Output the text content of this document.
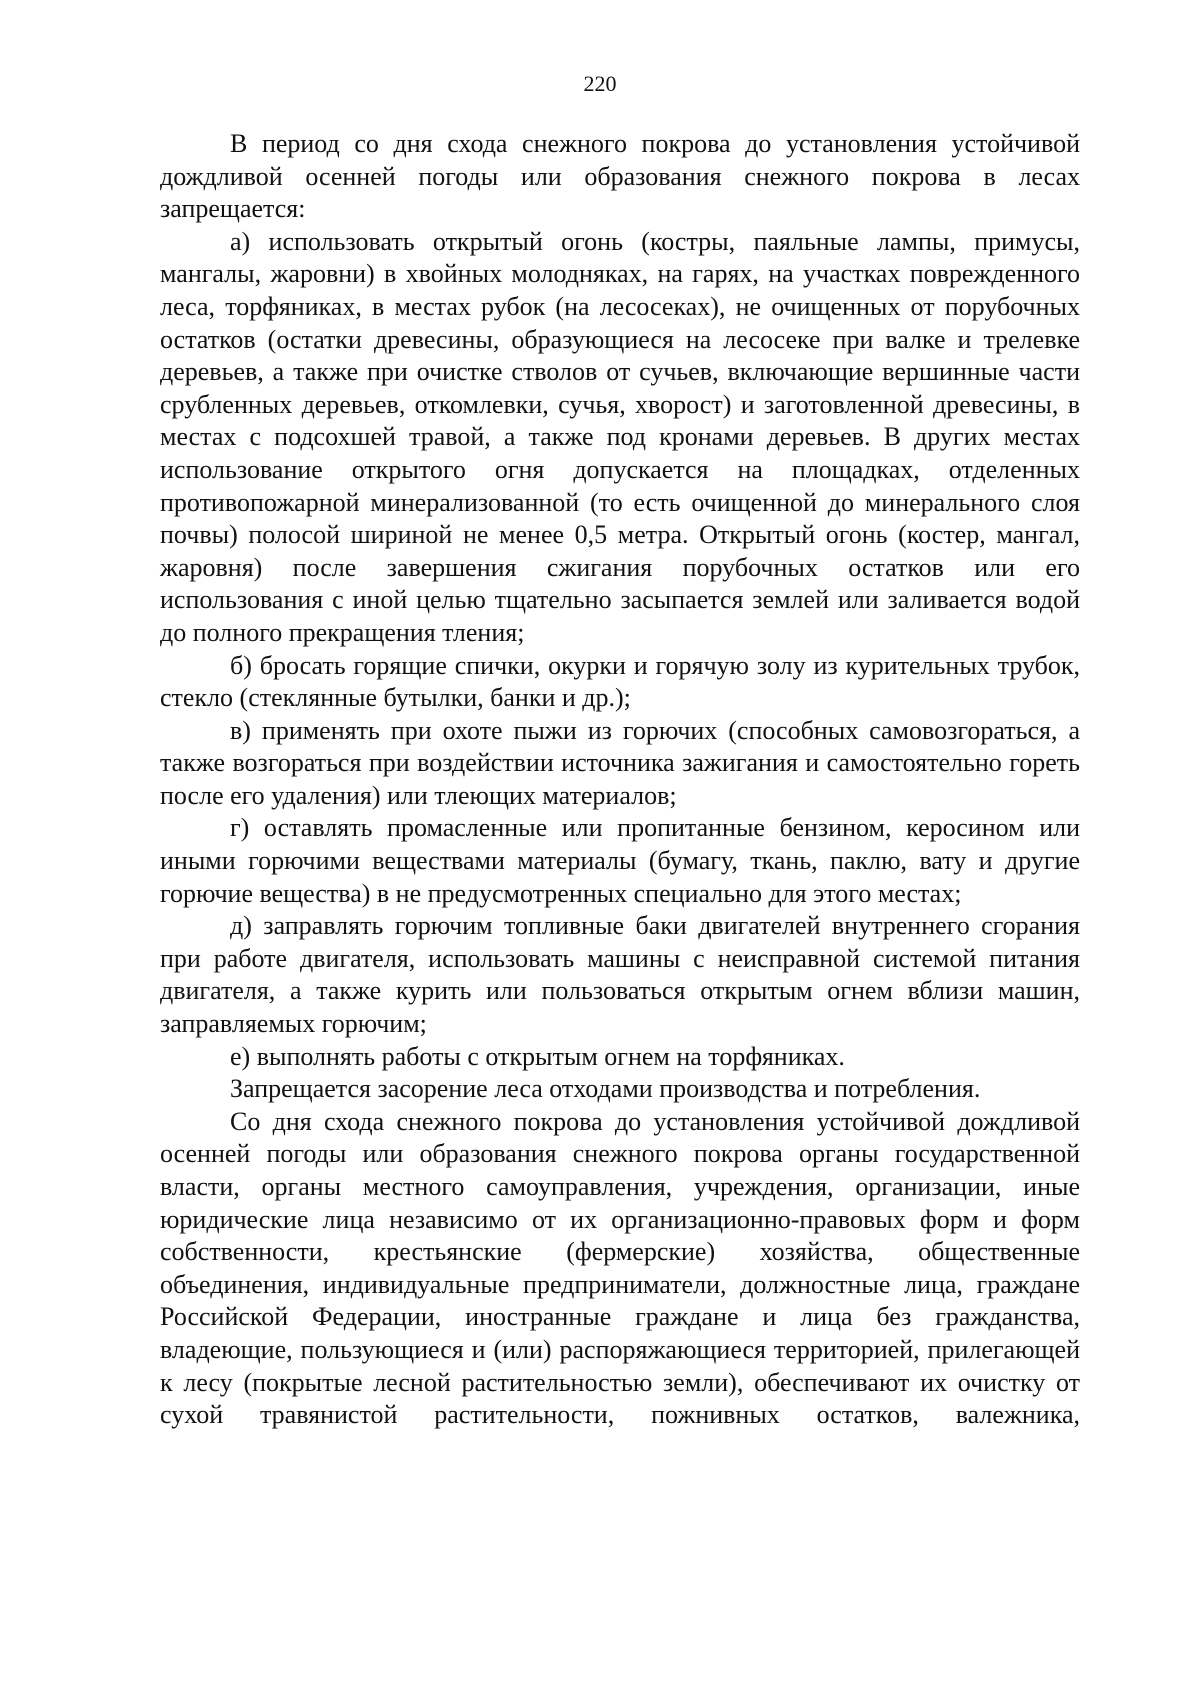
220

В период со дня схода снежного покрова до установления устойчивой дождливой осенней погоды или образования снежного покрова в лесах запрещается:

а) использовать открытый огонь (костры, паяльные лампы, примусы, мангалы, жаровни) в хвойных молодняках, на гарях, на участках поврежденного леса, торфяниках, в местах рубок (на лесосеках), не очищенных от порубочных остатков (остатки древесины, образующиеся на лесосеке при валке и трелевке деревьев, а также при очистке стволов от сучьев, включающие вершинные части срубленных деревьев, откомлевки, сучья, хворост) и заготовленной древесины, в местах с подсохшей травой, а также под кронами деревьев. В других местах использование открытого огня допускается на площадках, отделенных противопожарной минерализованной (то есть очищенной до минерального слоя почвы) полосой шириной не менее 0,5 метра. Открытый огонь (костер, мангал, жаровня) после завершения сжигания порубочных остатков или его использования с иной целью тщательно засыпается землей или заливается водой до полного прекращения тления;

б) бросать горящие спички, окурки и горячую золу из курительных трубок, стекло (стеклянные бутылки, банки и др.);

в) применять при охоте пыжи из горючих (способных самовозгораться, а также возгораться при воздействии источника зажигания и самостоятельно гореть после его удаления) или тлеющих материалов;

г) оставлять промасленные или пропитанные бензином, керосином или иными горючими веществами материалы (бумагу, ткань, паклю, вату и другие горючие вещества) в не предусмотренных специально для этого местах;

д) заправлять горючим топливные баки двигателей внутреннего сгорания при работе двигателя, использовать машины с неисправной системой питания двигателя, а также курить или пользоваться открытым огнем вблизи машин, заправляемых горючим;

е) выполнять работы с открытым огнем на торфяниках.

Запрещается засорение леса отходами производства и потребления.

Со дня схода снежного покрова до установления устойчивой дождливой осенней погоды или образования снежного покрова органы государственной власти, органы местного самоуправления, учреждения, организации, иные юридические лица независимо от их организационно-правовых форм и форм собственности, крестьянские (фермерские) хозяйства, общественные объединения, индивидуальные предприниматели, должностные лица, граждане Российской Федерации, иностранные граждане и лица без гражданства, владеющие, пользующиеся и (или) распоряжающиеся территорией, прилегающей к лесу (покрытые лесной растительностью земли), обеспечивают их очистку от сухой травянистой растительности, пожнивных остатков, валежника,
